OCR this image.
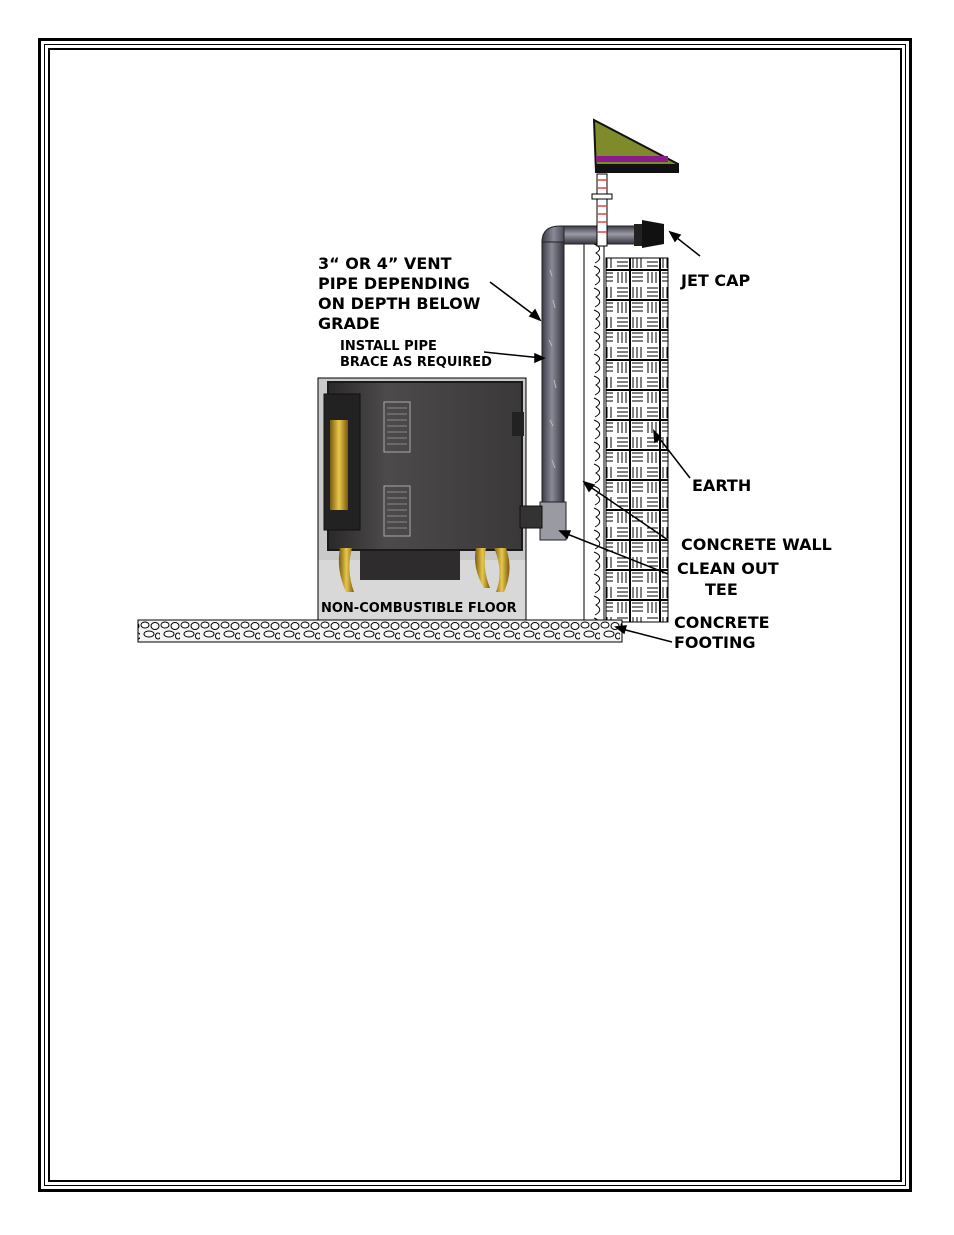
3“ OR 4” VENT
PIPE DEPENDING
ON DEPTH BELOW
GRADE
INSTALL PIPE
BRACE AS REQUIRED
JET CAP
EARTH
CONCRETE WALL
CLEAN OUT
TEE
CONCRETE
FOOTING
NON-COMBUSTIBLE FLOOR
